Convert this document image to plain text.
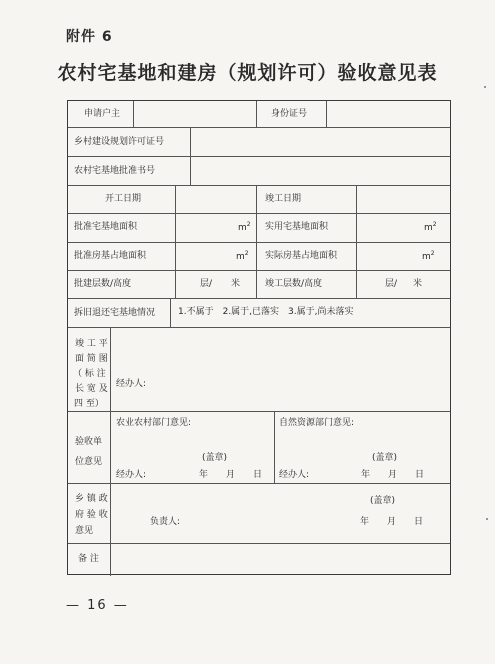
附件 6
农村宅基地和建房（规划许可）验收意见表
申请户主	身份证号
乡村建设规划许可证号
农村宅基地批准书号
开工日期	竣工日期
批准宅基地面积	$m^2$ 实用宅基地面积	$m^2$
批准房基占地面积	$m^2$ 实际房基占地面积	$m^2$
批建层数/高度	层/ 米	竣工层数/高度	层/ 米
拆旧退还宅基地情况	1.不属于　2.属于,已落实　3.属于,尚未落实
竣 工 平
面 简 图
（ 标 注
长 宽 及
四 至）
经办人:
验收单
位意见
农业农村部门意见:
(盖章)
经办人:	年　　月　　日
自然资源部门意见:
(盖章)
经办人:	年　　月　　日
乡 镇 政
府 验 收
意见
(盖章)
负责人:	年　　月　　日
备 注
— 16 —
